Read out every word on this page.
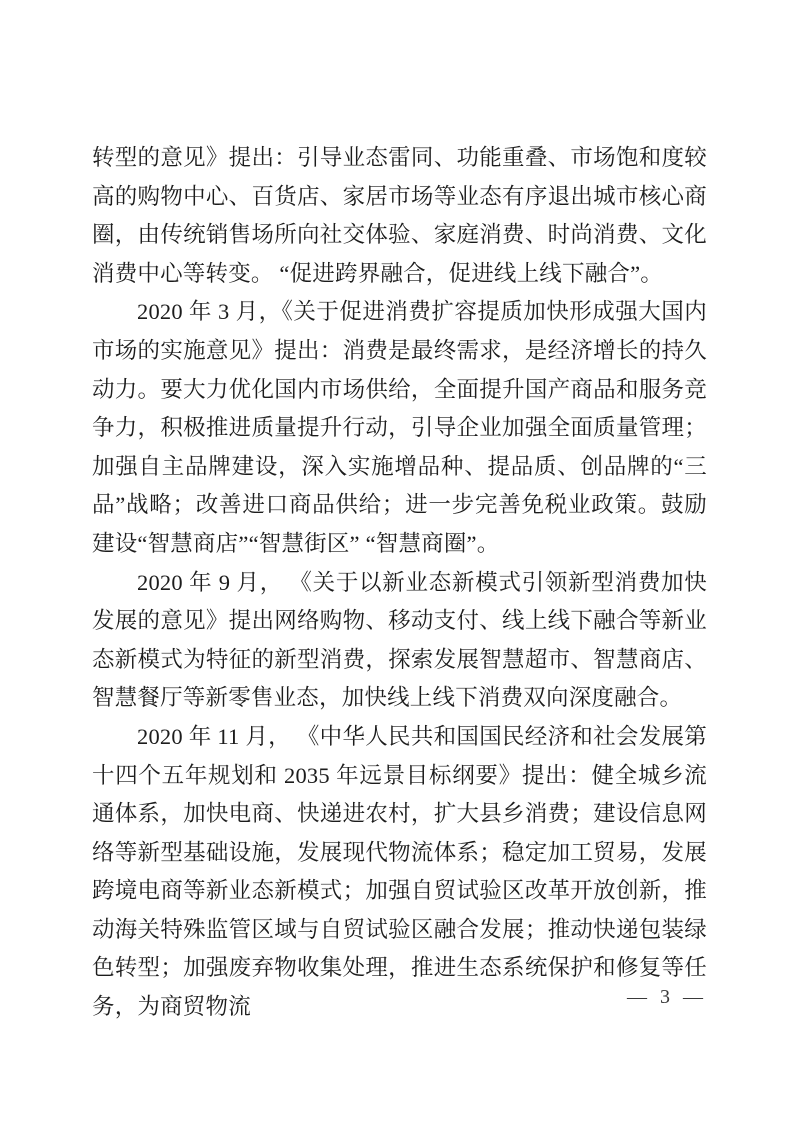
转型的意见》提出：引导业态雷同、功能重叠、市场饱和度较高的购物中心、百货店、家居市场等业态有序退出城市核心商圈，由传统销售场所向社交体验、家庭消费、时尚消费、文化消费中心等转变。 “促进跨界融合，促进线上线下融合”。

2020 年 3 月，《关于促进消费扩容提质加快形成强大国内市场的实施意见》提出：消费是最终需求，是经济增长的持久动力。要大力优化国内市场供给，全面提升国产商品和服务竞争力，积极推进质量提升行动，引导企业加强全面质量管理；加强自主品牌建设，深入实施增品种、提品质、创品牌的“三品”战略；改善进口商品供给；进一步完善免税业政策。鼓励建设“智慧商店”“智慧街区” “智慧商圈”。

2020 年 9 月， 《关于以新业态新模式引领新型消费加快发展的意见》提出网络购物、移动支付、线上线下融合等新业态新模式为特征的新型消费，探索发展智慧超市、智慧商店、智慧餐厅等新零售业态，加快线上线下消费双向深度融合。

2020 年 11 月， 《中华人民共和国国民经济和社会发展第十四个五年规划和 2035 年远景目标纲要》提出：健全城乡流通体系，加快电商、快递进农村，扩大县乡消费；建设信息网络等新型基础设施，发展现代物流体系；稳定加工贸易，发展跨境电商等新业态新模式；加强自贸试验区改革开放创新，推动海关特殊监管区域与自贸试验区融合发展；推动快递包装绿色转型；加强废弃物收集处理，推进生态系统保护和修复等任务，为商贸物流	— 3 —
